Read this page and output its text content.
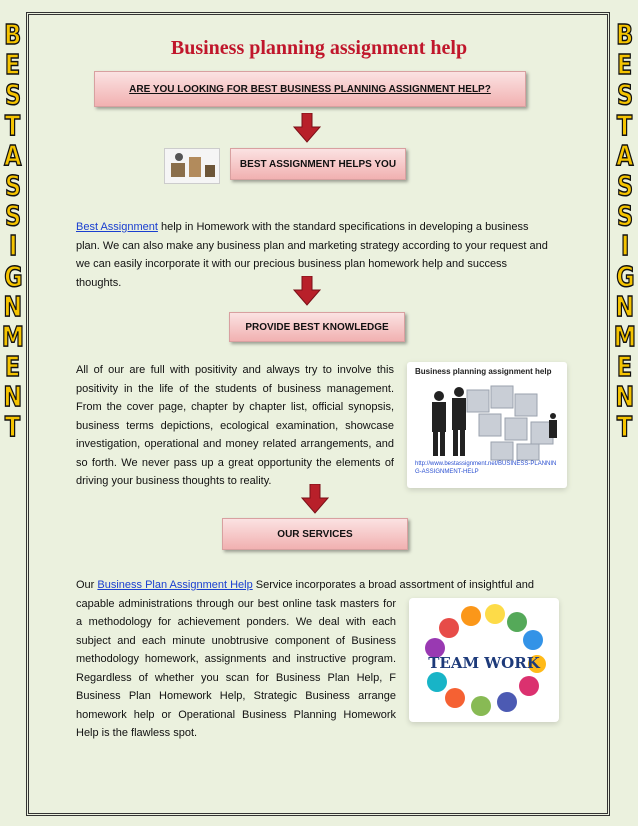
B
E
S
T
A
S
S
I
G
N
M
E
N
T
B
E
S
T
A
S
S
I
G
N
M
E
N
T
Business planning assignment help
ARE YOU LOOKING FOR BEST BUSINESS PLANNING ASSIGNMENT HELP?
BEST ASSIGNMENT HELPS YOU

Best Assignment help in Homework with the standard specifications in developing a business plan. We can also make any business plan and marketing strategy according to your request and we can easily incorporate it with our precious business plan homework help and success thoughts.

PROVIDE BEST KNOWLEDGE

All of our are full with positivity and always try to involve this positivity in the life of the students of business management. From the cover page, chapter by chapter list, official synopsis, business terms depictions, ecological examination, showcase investigation, operational and money related arrangements, and so forth. We never pass up a great opportunity the elements of driving your business thoughts to reality.

Business planning assignment help
http://www.bestassignment.net/BUSINESS-PLANNING-ASSIGNMENT-HELP
OUR SERVICES

Our Business Plan Assignment Help Service incorporates a broad assortment of insightful and

capable administrations through our best online task masters for a methodology for achievement ponders. We deal with each subject and each minute unobtrusive component of Business methodology homework, assignments and instructive program. Regardless of whether you scan for Business Plan Help, F Business Plan Homework Help, Strategic Business arrange homework help or Operational Business Planning Homework Help is the flawless spot.

TEAM WORK
